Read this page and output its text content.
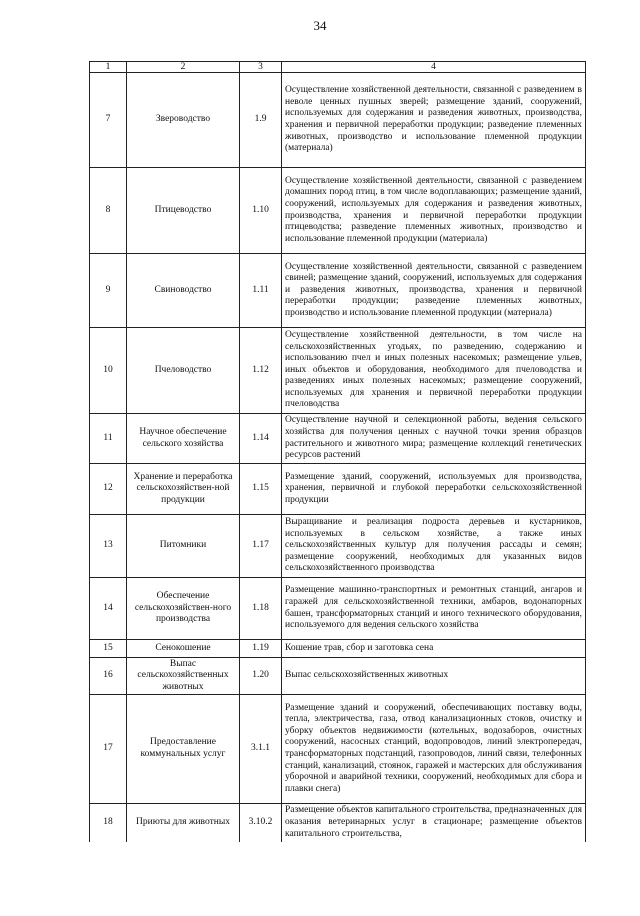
34
1	2	3	4
7	Звероводство	1.9	Осуществление хозяйственной деятельности, связанной с разведением в неволе ценных пушных зверей; размещение зданий, сооружений, используемых для содержания и разведения животных, производства, хранения и первичной переработки продукции; разведение племенных животных, производство и использование племенной продукции (материала)
8	Птицеводство	1.10	Осуществление хозяйственной деятельности, связанной с разведением домашних пород птиц, в том числе водоплавающих; размещение зданий, сооружений, используемых для содержания и разведения животных, производства, хранения и первичной переработки продукции птицеводства; разведение племенных животных, производство и использование племенной продукции (материала)
9	Свиноводство	1.11	Осуществление хозяйственной деятельности, связанной с разведением свиней; размещение зданий, сооружений, используемых для содержания и разведения животных, производства, хранения и первичной переработки продукции; разведение племенных животных, производство и использование племенной продукции (материала)
10	Пчеловодство	1.12	Осуществление хозяйственной деятельности, в том числе на сельскохозяйственных угодьях, по разведению, содержанию и использованию пчел и иных полезных насекомых; размещение ульев, иных объектов и оборудования, необходимого для пчеловодства и разведениях иных полезных насекомых; размещение сооружений, используемых для хранения и первичной переработки продукции пчеловодства
11	Научное обеспечение сельского хозяйства	1.14	Осуществление научной и селекционной работы, ведения сельского хозяйства для получения ценных с научной точки зрения образцов растительного и животного мира; размещение коллекций генетических ресурсов растений
12	Хранение и переработка сельскохозяйствен-ной продукции	1.15	Размещение зданий, сооружений, используемых для производства, хранения, первичной и глубокой переработки сельскохозяйственной продукции
13	Питомники	1.17	Выращивание и реализация подроста деревьев и кустарников, используемых в сельском хозяйстве, а также иных сельскохозяйственных культур для получения рассады и семян; размещение сооружений, необходимых для указанных видов сельскохозяйственного производства
14	Обеспечение сельскохозяйствен-ного производства	1.18	Размещение машинно-транспортных и ремонтных станций, ангаров и гаражей для сельскохозяйственной техники, амбаров, водонапорных башен, трансформаторных станций и иного технического оборудования, используемого для ведения сельского хозяйства
15	Сенокошение	1.19	Кошение трав, сбор и заготовка сена
16	Выпас сельскохозяйственных животных	1.20	Выпас сельскохозяйственных животных
17	Предоставление коммунальных услуг	3.1.1	Размещение зданий и сооружений, обеспечивающих поставку воды, тепла, электричества, газа, отвод канализационных стоков, очистку и уборку объектов недвижимости (котельных, водозаборов, очистных сооружений, насосных станций, водопроводов, линий электропередач, трансформаторных подстанций, газопроводов, линий связи, телефонных станций, канализаций, стоянок, гаражей и мастерских для обслуживания уборочной и аварийной техники, сооружений, необходимых для сбора и плавки снега)
18	Приюты для животных	3.10.2	Размещение объектов капитального строительства, предназначенных для оказания ветеринарных услуг в стационаре; размещение объектов капитального строительства,
